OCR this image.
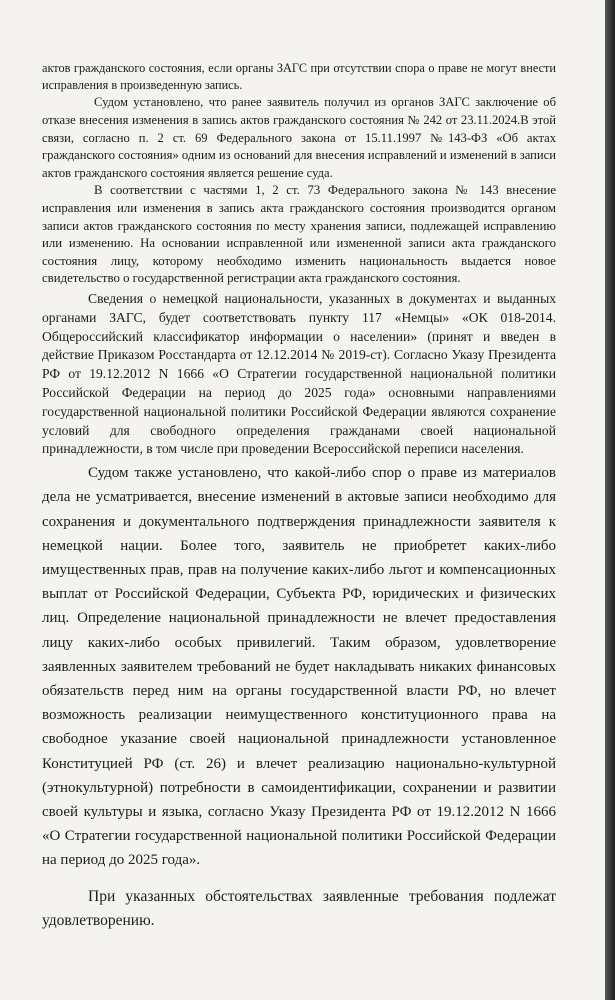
актов гражданского состояния, если органы ЗАГС при отсутствии спора о праве не могут внести исправления в произведенную запись.

Судом установлено, что ранее заявитель получил из органов ЗАГС заключение об отказе внесения изменения в запись актов гражданского состояния № 242 от 23.11.2024.В этой связи, согласно п. 2 ст. 69 Федерального закона от 15.11.1997 №143-ФЗ «Об актах гражданского состояния» одним из оснований для внесения исправлений и изменений в записи актов гражданского состояния является решение суда.

В соответствии с частями 1, 2 ст. 73 Федерального закона № 143 внесение исправления или изменения в запись акта гражданского состояния производится органом записи актов гражданского состояния по месту хранения записи, подлежащей исправлению или изменению. На основании исправленной или измененной записи акта гражданского состояния лицу, которому необходимо изменить национальность выдается новое свидетельство о государственной регистрации акта гражданского состояния.

Сведения о немецкой национальности, указанных в документах и выданных органами ЗАГС, будет соответствовать пункту 117 «Немцы» «ОК 018-2014. Общероссийский классификатор информации о населении» (принят и введен в действие Приказом Росстандарта от 12.12.2014 № 2019-ст). Согласно Указу Президента РФ от 19.12.2012 N 1666 «О Стратегии государственной национальной политики Российской Федерации на период до 2025 года» основными направлениями государственной национальной политики Российской Федерации являются сохранение условий для свободного определения гражданами своей национальной принадлежности, в том числе при проведении Всероссийской переписи населения.

Судом также установлено, что какой-либо спор о праве из материалов дела не усматривается, внесение изменений в актовые записи необходимо для сохранения и документального подтверждения принадлежности заявителя к немецкой нации. Более того, заявитель не приобретет каких-либо имущественных прав, прав на получение каких-либо льгот и компенсационных выплат от Российской Федерации, Субъекта РФ, юридических и физических лиц. Определение национальной принадлежности не влечет предоставления лицу каких-либо особых привилегий. Таким образом, удовлетворение заявленных заявителем требований не будет накладывать никаких финансовых обязательств перед ним на органы государственной власти РФ, но влечет возможность реализации неимущественного конституционного права на свободное указание своей национальной принадлежности установленное Конституцией РФ (ст. 26) и влечет реализацию национально-культурной (этнокультурной) потребности в самоидентификации, сохранении и развитии своей культуры и языка, согласно Указу Президента РФ от 19.12.2012 N 1666 «О Стратегии государственной национальной политики Российской Федерации на период до 2025 года».

При указанных обстоятельствах заявленные требования подлежат удовлетворению.
